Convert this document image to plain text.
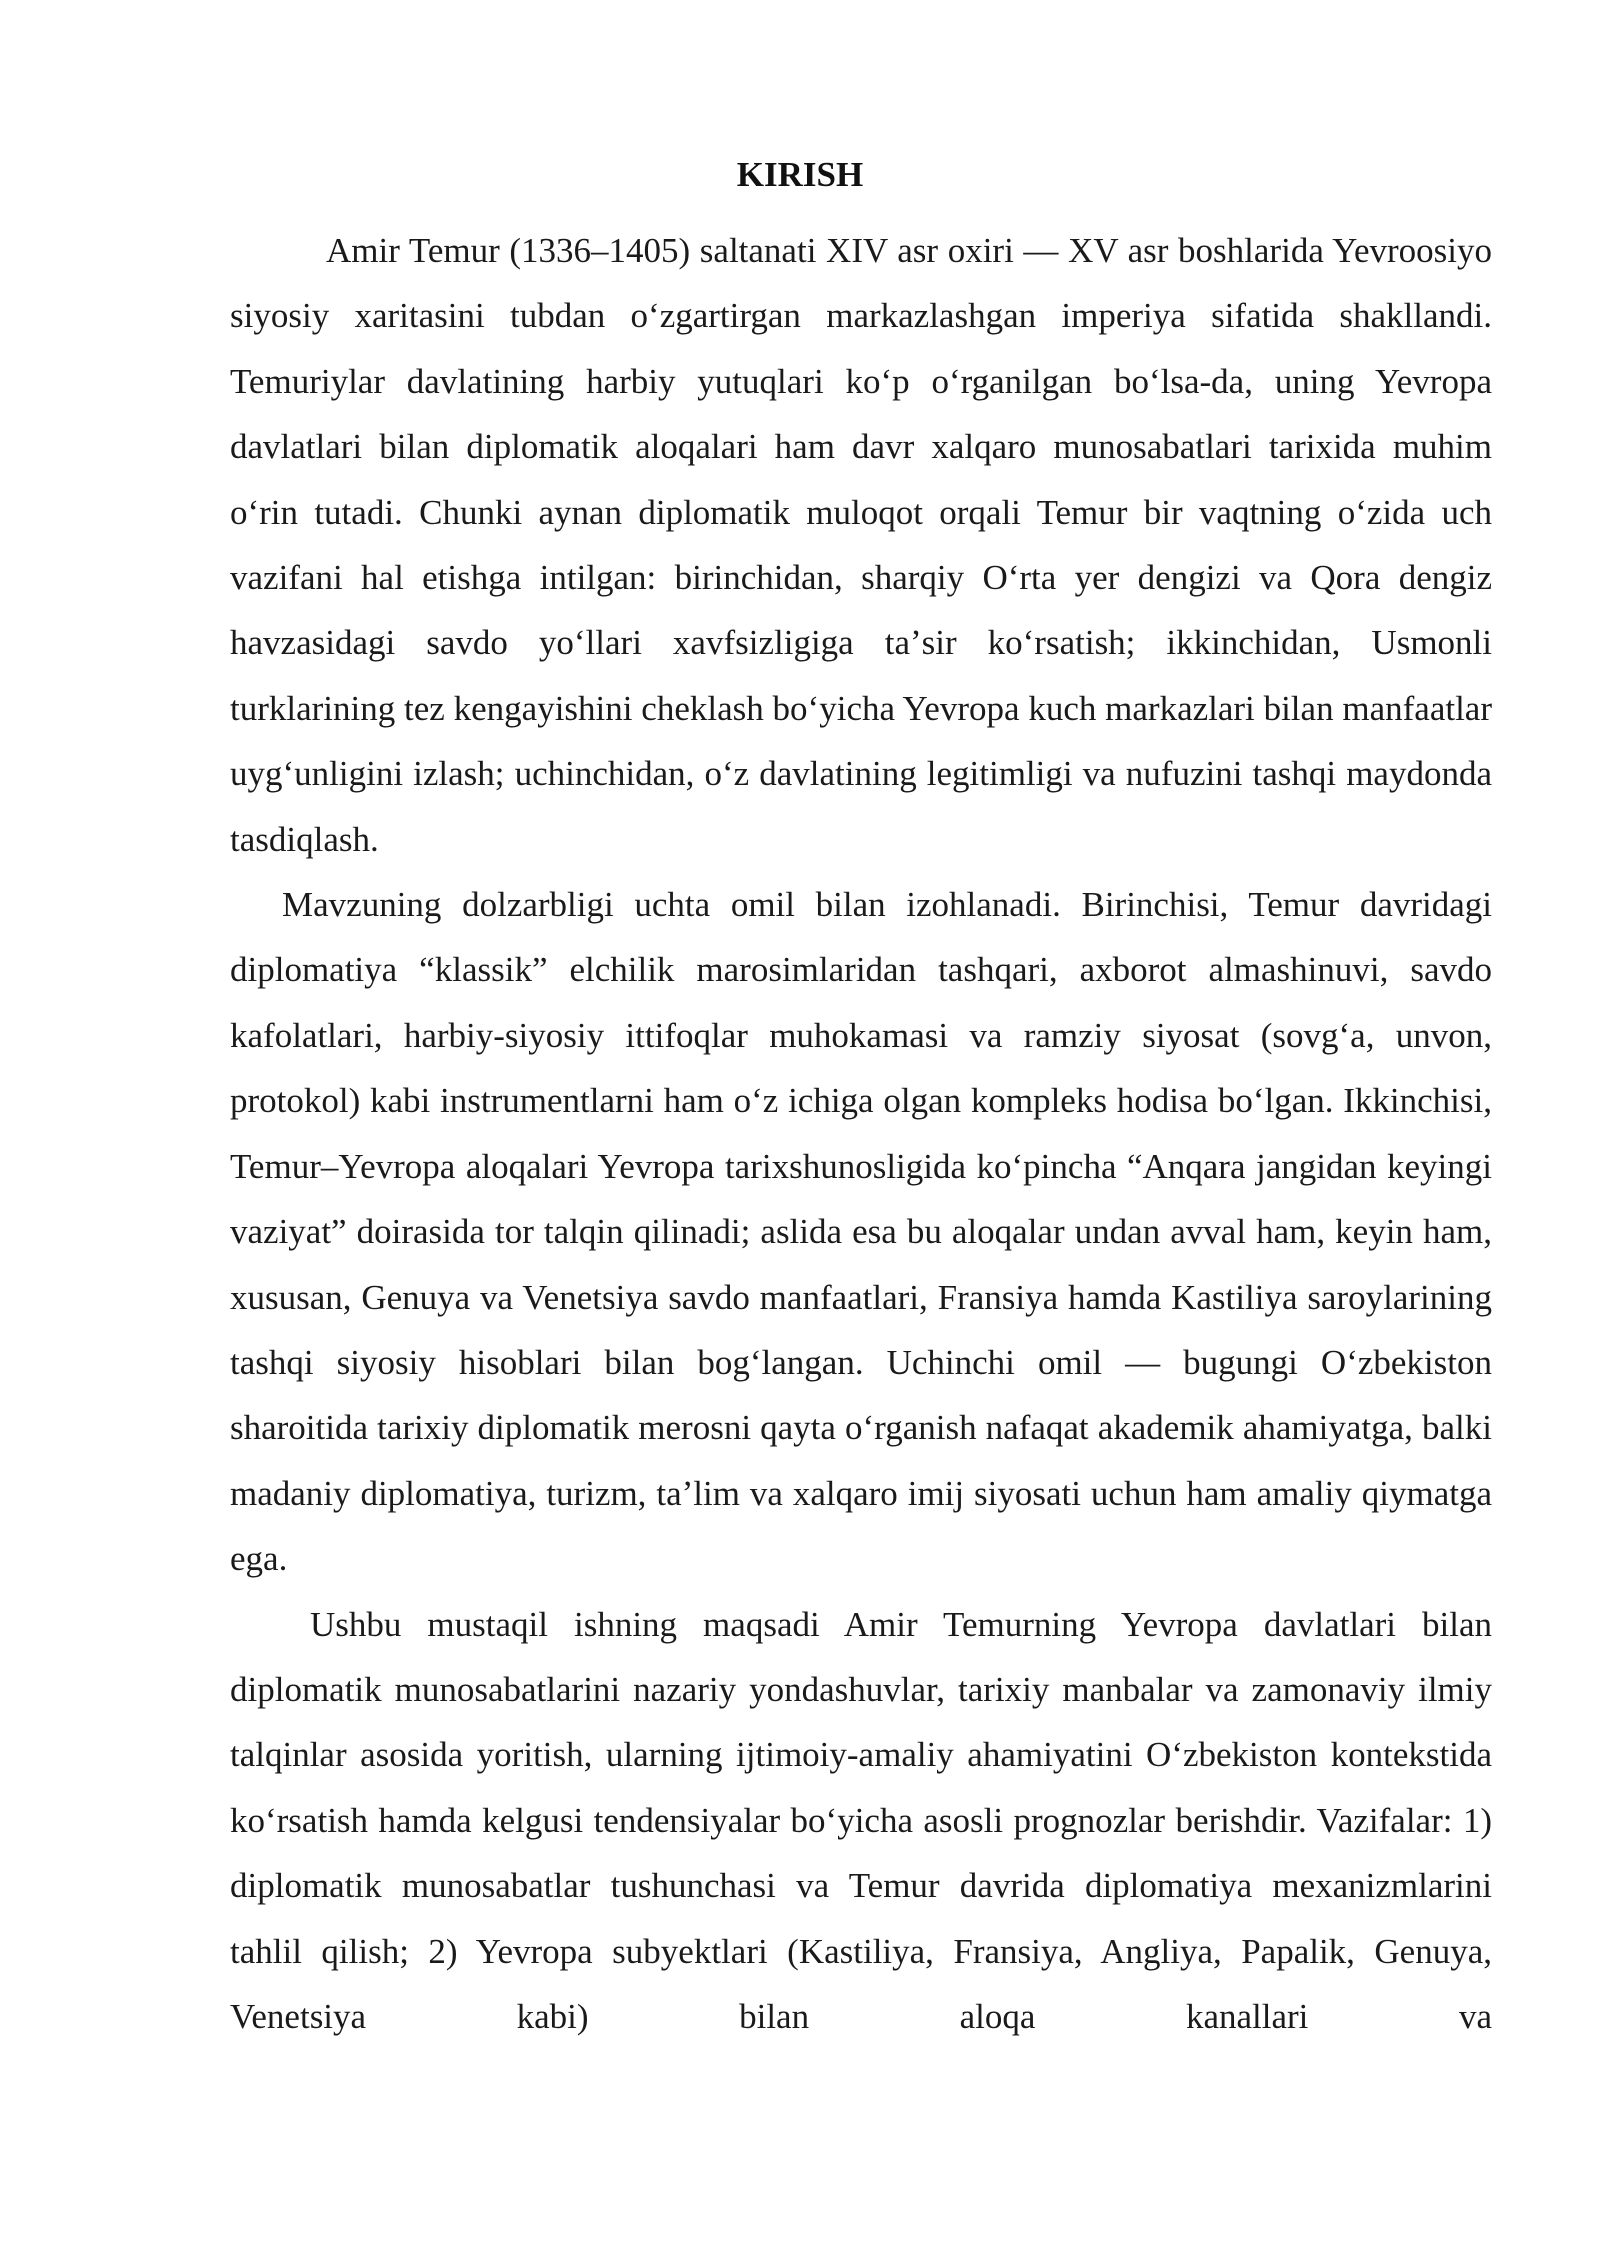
KIRISH

Amir Temur (1336–1405) saltanati XIV asr oxiri — XV asr boshlarida Yevroosiyo siyosiy xaritasini tubdan oʻzgartirgan markazlashgan imperiya sifatida shakllandi. Temuriylar davlatining harbiy yutuqlari koʻp oʻrganilgan boʻlsa-da, uning Yevropa davlatlari bilan diplomatik aloqalari ham davr xalqaro munosabatlari tarixida muhim oʻrin tutadi. Chunki aynan diplomatik muloqot orqali Temur bir vaqtning oʻzida uch vazifani hal etishga intilgan: birinchidan, sharqiy Oʻrta yer dengizi va Qora dengiz havzasidagi savdo yoʻllari xavfsizligiga taʼsir koʻrsatish; ikkinchidan, Usmonli turklarining tez kengayishini cheklash boʻyicha Yevropa kuch markazlari bilan manfaatlar uygʻunligini izlash; uchinchidan, oʻz davlatining legitimligi va nufuzini tashqi maydonda tasdiqlash.

Mavzuning dolzarbligi uchta omil bilan izohlanadi. Birinchisi, Temur davridagi diplomatiya “klassik” elchilik marosimlaridan tashqari, axborot almashinuvi, savdo kafolatlari, harbiy-siyosiy ittifoqlar muhokamasi va ramziy siyosat (sovgʻa, unvon, protokol) kabi instrumentlarni ham oʻz ichiga olgan kompleks hodisa boʻlgan. Ikkinchisi, Temur–Yevropa aloqalari Yevropa tarixshunosligida koʻpincha “Anqara jangidan keyingi vaziyat” doirasida tor talqin qilinadi; aslida esa bu aloqalar undan avval ham, keyin ham, xususan, Genuya va Venetsiya savdo manfaatlari, Fransiya hamda Kastiliya saroylarining tashqi siyosiy hisoblari bilan bogʻlangan. Uchinchi omil — bugungi Oʻzbekiston sharoitida tarixiy diplomatik merosni qayta oʻrganish nafaqat akademik ahamiyatga, balki madaniy diplomatiya, turizm, taʼlim va xalqaro imij siyosati uchun ham amaliy qiymatga ega.

Ushbu mustaqil ishning maqsadi Amir Temurning Yevropa davlatlari bilan diplomatik munosabatlarini nazariy yondashuvlar, tarixiy manbalar va zamonaviy ilmiy talqinlar asosida yoritish, ularning ijtimoiy-amaliy ahamiyatini Oʻzbekiston kontekstida koʻrsatish hamda kelgusi tendensiyalar boʻyicha asosli prognozlar berishdir. Vazifalar: 1) diplomatik munosabatlar tushunchasi va Temur davrida diplomatiya mexanizmlarini tahlil qilish; 2) Yevropa subyektlari (Kastiliya, Fransiya, Angliya, Papalik, Genuya, Venetsiya kabi) bilan aloqa kanallari va
